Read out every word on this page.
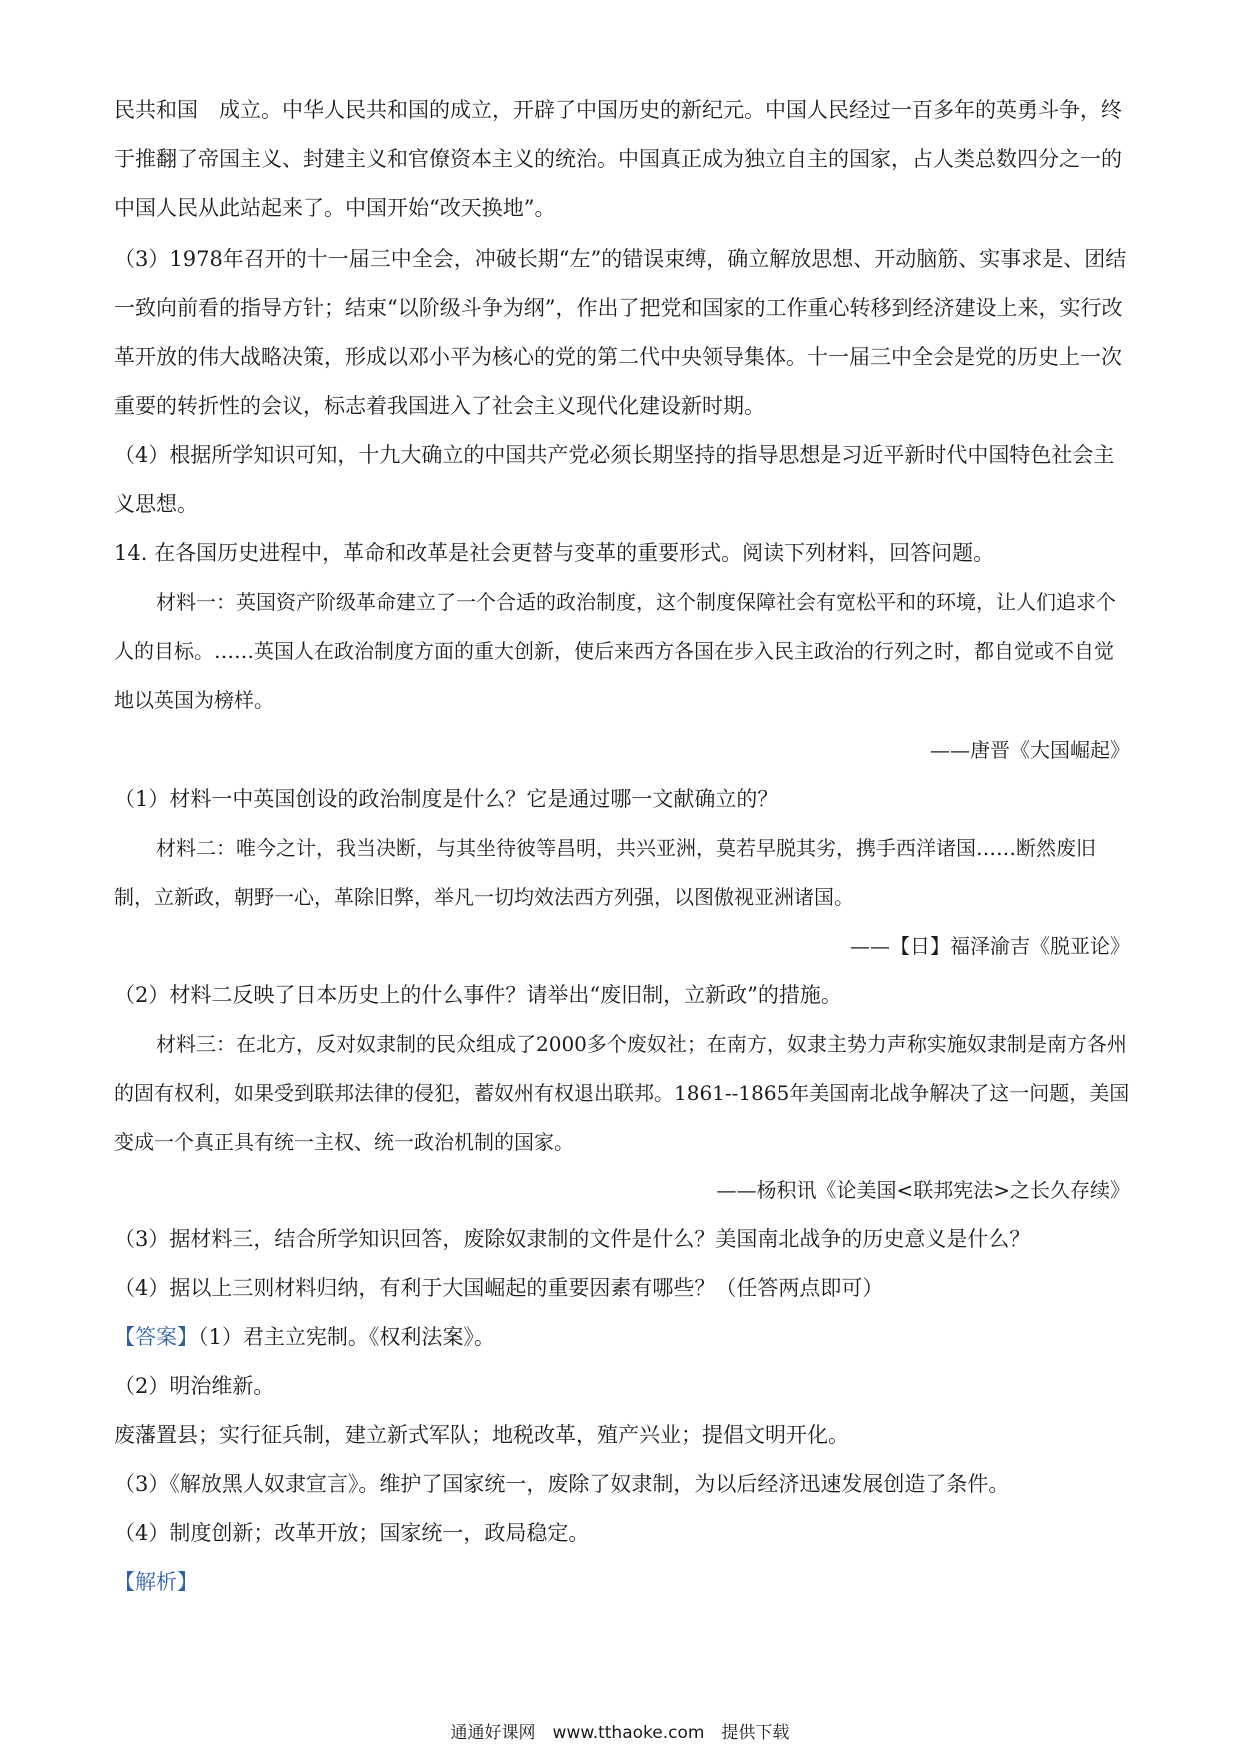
民共和国　成立。中华人民共和国的成立，开辟了中国历史的新纪元。中国人民经过一百多年的英勇斗争，终于推翻了帝国主义、封建主义和官僚资本主义的统治。中国真正成为独立自主的国家，占人类总数四分之一的中国人民从此站起来了。中国开始“改天换地”。

（3）1978年召开的十一届三中全会，冲破长期“左”的错误束缚，确立解放思想、开动脑筋、实事求是、团结一致向前看的指导方针；结束“以阶级斗争为纲”，作出了把党和国家的工作重心转移到经济建设上来，实行改革开放的伟大战略决策，形成以邓小平为核心的党的第二代中央领导集体。十一届三中全会是党的历史上一次重要的转折性的会议，标志着我国进入了社会主义现代化建设新时期。

（4）根据所学知识可知，十九大确立的中国共产党必须长期坚持的指导思想是习近平新时代中国特色社会主义思想。

14. 在各国历史进程中，革命和改革是社会更替与变革的重要形式。阅读下列材料，回答问题。

材料一：英国资产阶级革命建立了一个合适的政治制度，这个制度保障社会有宽松平和的环境，让人们追求个人的目标。……英国人在政治制度方面的重大创新，使后来西方各国在步入民主政治的行列之时，都自觉或不自觉地以英国为榜样。

——唐晋《大国崛起》

（1）材料一中英国创设的政治制度是什么？它是通过哪一文献确立的？

材料二：唯今之计，我当决断，与其坐待彼等昌明，共兴亚洲，莫若早脱其劣，携手西洋诸国……断然废旧制，立新政，朝野一心，革除旧弊，举凡一切均效法西方列强，以图傲视亚洲诸国。

——【日】福泽渝吉《脱亚论》

（2）材料二反映了日本历史上的什么事件？请举出“废旧制，立新政”的措施。

材料三：在北方，反对奴隶制的民众组成了2000多个废奴社；在南方，奴隶主势力声称实施奴隶制是南方各州的固有权利，如果受到联邦法律的侵犯，蓄奴州有权退出联邦。1861--1865年美国南北战争解决了这一问题，美国变成一个真正具有统一主权、统一政治机制的国家。

——杨积讯《论美国<联邦宪法>之长久存续》

（3）据材料三，结合所学知识回答，废除奴隶制的文件是什么？美国南北战争的历史意义是什么？

（4）据以上三则材料归纳，有利于大国崛起的重要因素有哪些？（任答两点即可）

【答案】（1）君主立宪制。《权利法案》。

（2）明治维新。

废藩置县；实行征兵制，建立新式军队；地税改革，殖产兴业；提倡文明开化。

（3）《解放黑人奴隶宣言》。维护了国家统一，废除了奴隶制，为以后经济迅速发展创造了条件。

（4）制度创新；改革开放；国家统一，政局稳定。

【解析】

通通好课网　www.tthaoke.com　提供下载
